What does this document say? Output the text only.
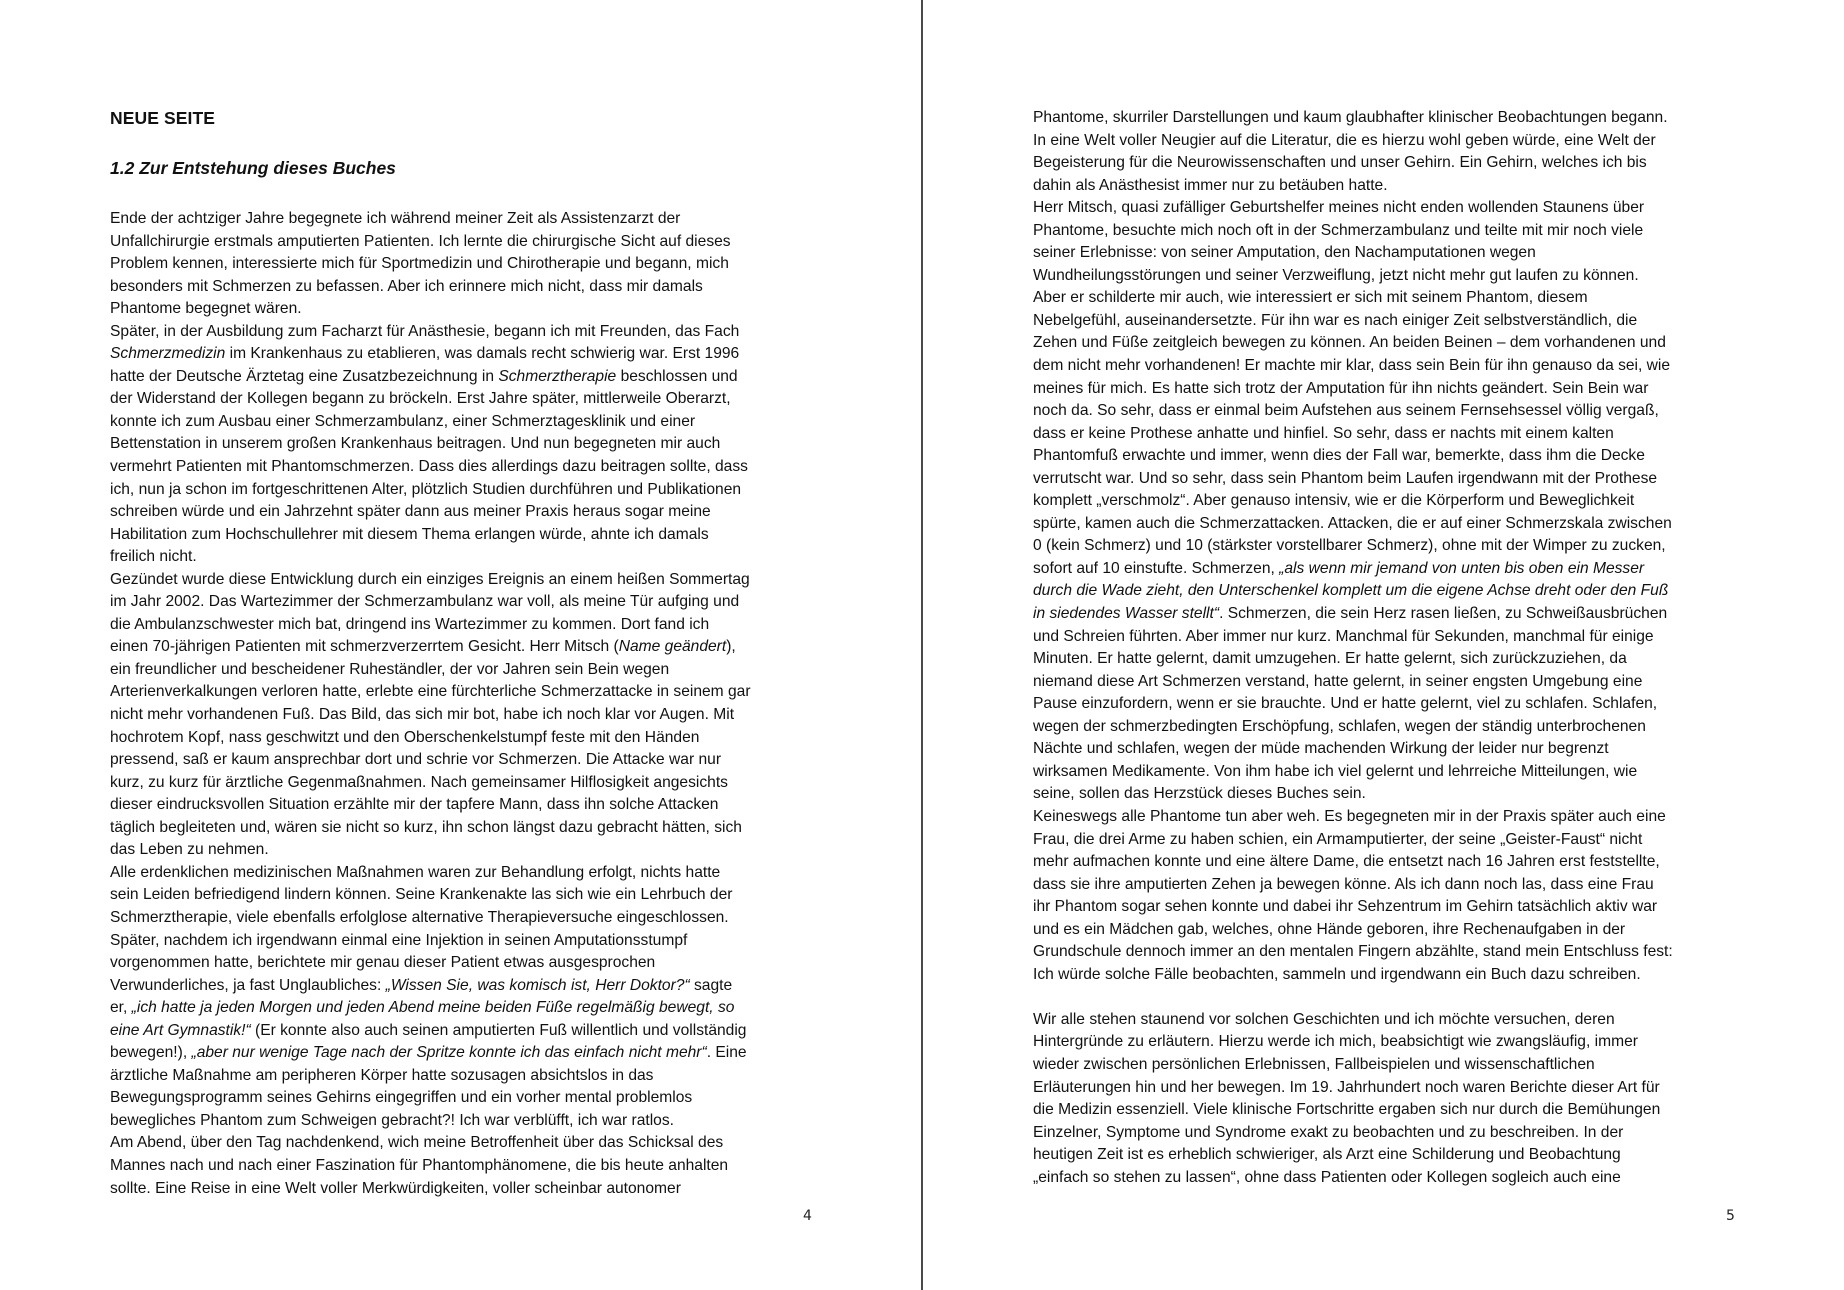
NEUE SEITE
1.2 Zur Entstehung dieses Buches
Ende der achtziger Jahre begegnete ich während meiner Zeit als Assistenzarzt der
Unfallchirurgie erstmals amputierten Patienten. Ich lernte die chirurgische Sicht auf dieses
Problem kennen, interessierte mich für Sportmedizin und Chirotherapie und begann, mich
besonders mit Schmerzen zu befassen. Aber ich erinnere mich nicht, dass mir damals
Phantome begegnet wären.
Später, in der Ausbildung zum Facharzt für Anästhesie, begann ich mit Freunden, das Fach
Schmerzmedizin im Krankenhaus zu etablieren, was damals recht schwierig war. Erst 1996
hatte der Deutsche Ärztetag eine Zusatzbezeichnung in Schmerztherapie beschlossen und
der Widerstand der Kollegen begann zu bröckeln. Erst Jahre später, mittlerweile Oberarzt,
konnte ich zum Ausbau einer Schmerzambulanz, einer Schmerztagesklinik und einer
Bettenstation in unserem großen Krankenhaus beitragen. Und nun begegneten mir auch
vermehrt Patienten mit Phantomschmerzen. Dass dies allerdings dazu beitragen sollte, dass
ich, nun ja schon im fortgeschrittenen Alter, plötzlich Studien durchführen und Publikationen
schreiben würde und ein Jahrzehnt später dann aus meiner Praxis heraus sogar meine
Habilitation zum Hochschullehrer mit diesem Thema erlangen würde, ahnte ich damals
freilich nicht.
Gezündet wurde diese Entwicklung durch ein einziges Ereignis an einem heißen Sommertag
im Jahr 2002. Das Wartezimmer der Schmerzambulanz war voll, als meine Tür aufging und
die Ambulanzschwester mich bat, dringend ins Wartezimmer zu kommen. Dort fand ich
einen 70-jährigen Patienten mit schmerzverzerrtem Gesicht. Herr Mitsch (Name geändert),
ein freundlicher und bescheidener Ruheständler, der vor Jahren sein Bein wegen
Arterienverkalkungen verloren hatte, erlebte eine fürchterliche Schmerzattacke in seinem gar
nicht mehr vorhandenen Fuß. Das Bild, das sich mir bot, habe ich noch klar vor Augen. Mit
hochrotem Kopf, nass geschwitzt und den Oberschenkelstumpf feste mit den Händen
pressend, saß er kaum ansprechbar dort und schrie vor Schmerzen. Die Attacke war nur
kurz, zu kurz für ärztliche Gegenmaßnahmen. Nach gemeinsamer Hilflosigkeit angesichts
dieser eindrucksvollen Situation erzählte mir der tapfere Mann, dass ihn solche Attacken
täglich begleiteten und, wären sie nicht so kurz, ihn schon längst dazu gebracht hätten, sich
das Leben zu nehmen.
Alle erdenklichen medizinischen Maßnahmen waren zur Behandlung erfolgt, nichts hatte
sein Leiden befriedigend lindern können. Seine Krankenakte las sich wie ein Lehrbuch der
Schmerztherapie, viele ebenfalls erfolglose alternative Therapieversuche eingeschlossen.
Später, nachdem ich irgendwann einmal eine Injektion in seinen Amputationsstumpf
vorgenommen hatte, berichtete mir genau dieser Patient etwas ausgesprochen
Verwunderliches, ja fast Unglaubliches: „Wissen Sie, was komisch ist, Herr Doktor?“ sagte
er, „ich hatte ja jeden Morgen und jeden Abend meine beiden Füße regelmäßig bewegt, so
eine Art Gymnastik!“ (Er konnte also auch seinen amputierten Fuß willentlich und vollständig
bewegen!), „aber nur wenige Tage nach der Spritze konnte ich das einfach nicht mehr“. Eine
ärztliche Maßnahme am peripheren Körper hatte sozusagen absichtslos in das
Bewegungsprogramm seines Gehirns eingegriffen und ein vorher mental problemlos
bewegliches Phantom zum Schweigen gebracht?! Ich war verblüfft, ich war ratlos.
Am Abend, über den Tag nachdenkend, wich meine Betroffenheit über das Schicksal des
Mannes nach und nach einer Faszination für Phantomphänomene, die bis heute anhalten
sollte. Eine Reise in eine Welt voller Merkwürdigkeiten, voller scheinbar autonomer
4
Phantome, skurriler Darstellungen und kaum glaubhafter klinischer Beobachtungen begann.
In eine Welt voller Neugier auf die Literatur, die es hierzu wohl geben würde, eine Welt der
Begeisterung für die Neurowissenschaften und unser Gehirn. Ein Gehirn, welches ich bis
dahin als Anästhesist immer nur zu betäuben hatte.
Herr Mitsch, quasi zufälliger Geburtshelfer meines nicht enden wollenden Staunens über
Phantome, besuchte mich noch oft in der Schmerzambulanz und teilte mit mir noch viele
seiner Erlebnisse: von seiner Amputation, den Nachamputationen wegen
Wundheilungsstörungen und seiner Verzweiflung, jetzt nicht mehr gut laufen zu können.
Aber er schilderte mir auch, wie interessiert er sich mit seinem Phantom, diesem
Nebelgefühl, auseinandersetzte. Für ihn war es nach einiger Zeit selbstverständlich, die
Zehen und Füße zeitgleich bewegen zu können. An beiden Beinen – dem vorhandenen und
dem nicht mehr vorhandenen! Er machte mir klar, dass sein Bein für ihn genauso da sei, wie
meines für mich. Es hatte sich trotz der Amputation für ihn nichts geändert. Sein Bein war
noch da. So sehr, dass er einmal beim Aufstehen aus seinem Fernsehsessel völlig vergaß,
dass er keine Prothese anhatte und hinfiel. So sehr, dass er nachts mit einem kalten
Phantomfuß erwachte und immer, wenn dies der Fall war, bemerkte, dass ihm die Decke
verrutscht war. Und so sehr, dass sein Phantom beim Laufen irgendwann mit der Prothese
komplett „verschmolz“. Aber genauso intensiv, wie er die Körperform und Beweglichkeit
spürte, kamen auch die Schmerzattacken. Attacken, die er auf einer Schmerzskala zwischen
0 (kein Schmerz) und 10 (stärkster vorstellbarer Schmerz), ohne mit der Wimper zu zucken,
sofort auf 10 einstufte. Schmerzen, „als wenn mir jemand von unten bis oben ein Messer
durch die Wade zieht, den Unterschenkel komplett um die eigene Achse dreht oder den Fuß
in siedendes Wasser stellt“. Schmerzen, die sein Herz rasen ließen, zu Schweißausbrüchen
und Schreien führten. Aber immer nur kurz. Manchmal für Sekunden, manchmal für einige
Minuten. Er hatte gelernt, damit umzugehen. Er hatte gelernt, sich zurückzuziehen, da
niemand diese Art Schmerzen verstand, hatte gelernt, in seiner engsten Umgebung eine
Pause einzufordern, wenn er sie brauchte. Und er hatte gelernt, viel zu schlafen. Schlafen,
wegen der schmerzbedingten Erschöpfung, schlafen, wegen der ständig unterbrochenen
Nächte und schlafen, wegen der müde machenden Wirkung der leider nur begrenzt
wirksamen Medikamente. Von ihm habe ich viel gelernt und lehrreiche Mitteilungen, wie
seine, sollen das Herzstück dieses Buches sein.
Keineswegs alle Phantome tun aber weh. Es begegneten mir in der Praxis später auch eine
Frau, die drei Arme zu haben schien, ein Armamputierter, der seine „Geister-Faust“ nicht
mehr aufmachen konnte und eine ältere Dame, die entsetzt nach 16 Jahren erst feststellte,
dass sie ihre amputierten Zehen ja bewegen könne. Als ich dann noch las, dass eine Frau
ihr Phantom sogar sehen konnte und dabei ihr Sehzentrum im Gehirn tatsächlich aktiv war
und es ein Mädchen gab, welches, ohne Hände geboren, ihre Rechenaufgaben in der
Grundschule dennoch immer an den mentalen Fingern abzählte, stand mein Entschluss fest:
Ich würde solche Fälle beobachten, sammeln und irgendwann ein Buch dazu schreiben.
Wir alle stehen staunend vor solchen Geschichten und ich möchte versuchen, deren
Hintergründe zu erläutern. Hierzu werde ich mich, beabsichtigt wie zwangsläufig, immer
wieder zwischen persönlichen Erlebnissen, Fallbeispielen und wissenschaftlichen
Erläuterungen hin und her bewegen. Im 19. Jahrhundert noch waren Berichte dieser Art für
die Medizin essenziell. Viele klinische Fortschritte ergaben sich nur durch die Bemühungen
Einzelner, Symptome und Syndrome exakt zu beobachten und zu beschreiben. In der
heutigen Zeit ist es erheblich schwieriger, als Arzt eine Schilderung und Beobachtung
„einfach so stehen zu lassen“, ohne dass Patienten oder Kollegen sogleich auch eine
5
